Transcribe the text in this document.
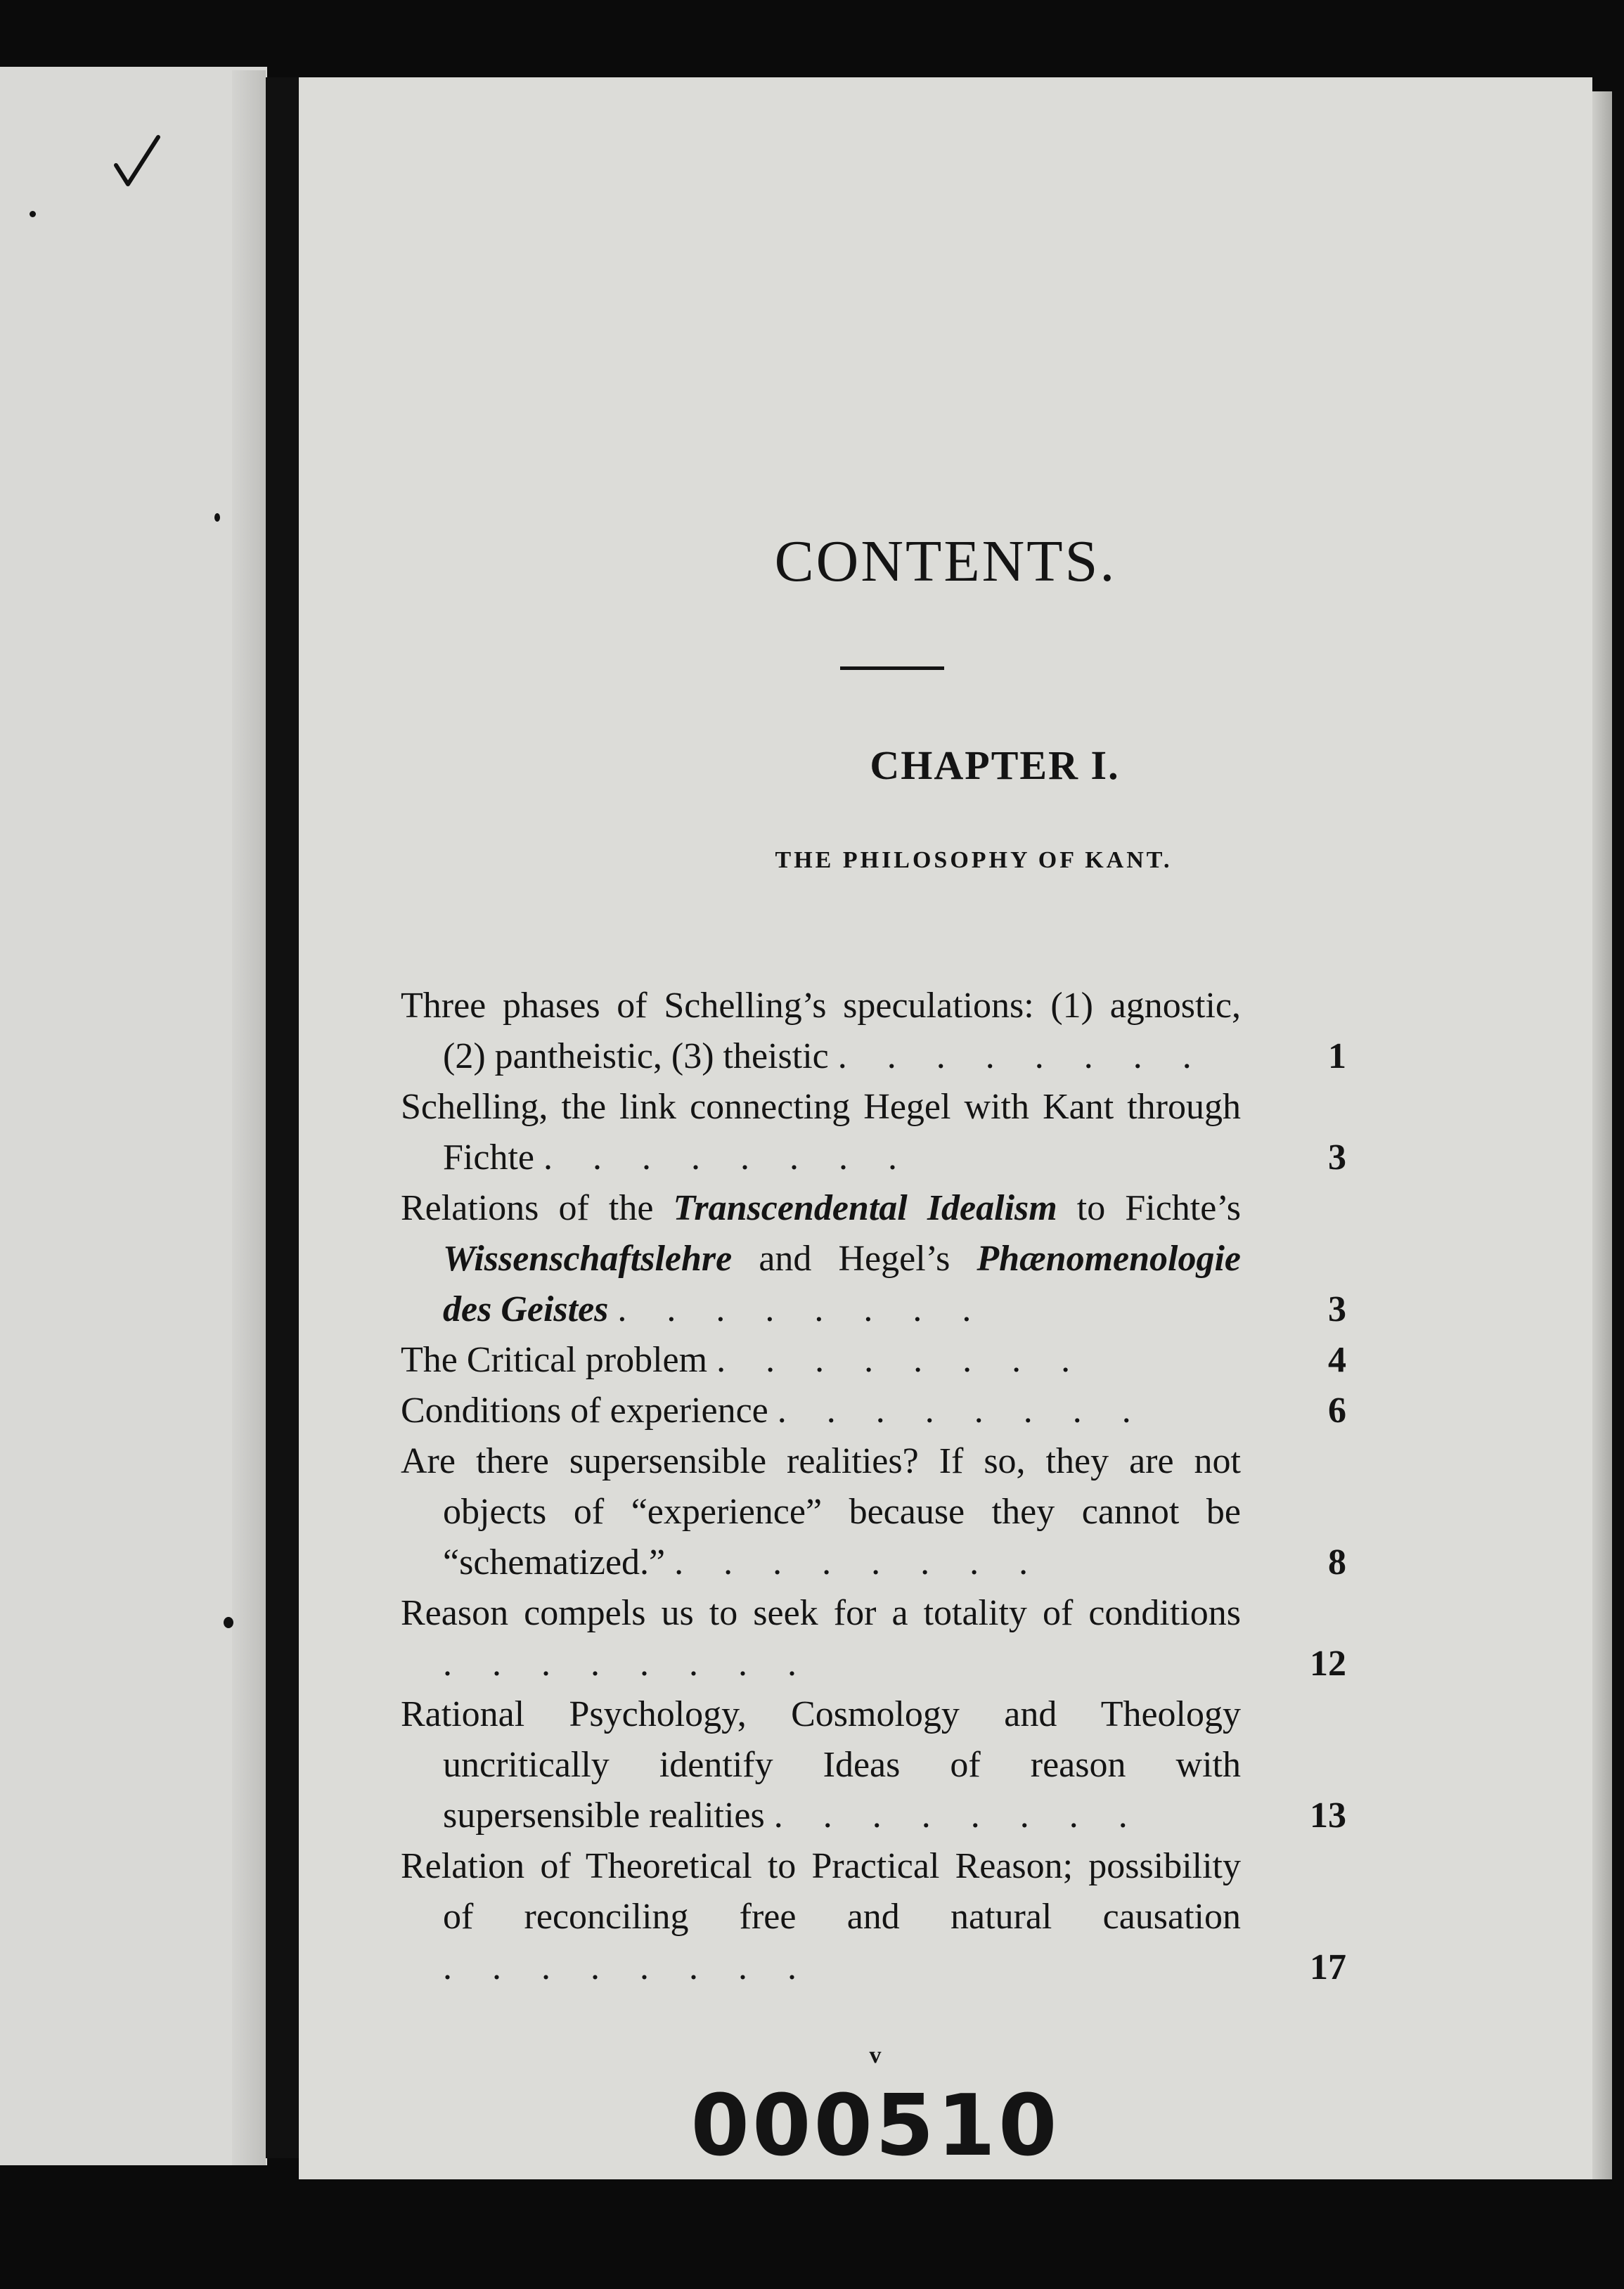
CONTENTS.
CHAPTER I.
THE PHILOSOPHY OF KANT.
Three phases of Schelling’s speculations: (1) agnostic, (2) pantheistic, (3) theistic . . . . . . . .	1
Schelling, the link connecting Hegel with Kant through Fichte . . . . . . . .	3
Relations of the Transcendental Idealism to Fichte’s Wissenschaftslehre and Hegel’s Phænomenologie des Geistes . . . . . . . .	3
The Critical problem . . . . . . . .	4
Conditions of experience . . . . . . . .	6
Are there supersensible realities? If so, they are not objects of “experience” because they cannot be “schematized.” . . . . . . . .	8
Reason compels us to seek for a totality of conditions . . . . . . . .	12
Rational Psychology, Cosmology and Theology uncritically identify Ideas of reason with supersensible realities . . . . . . . .	13
Relation of Theoretical to Practical Reason; possibility of reconciling free and natural causation . . . . . . . .	17
v
000510
